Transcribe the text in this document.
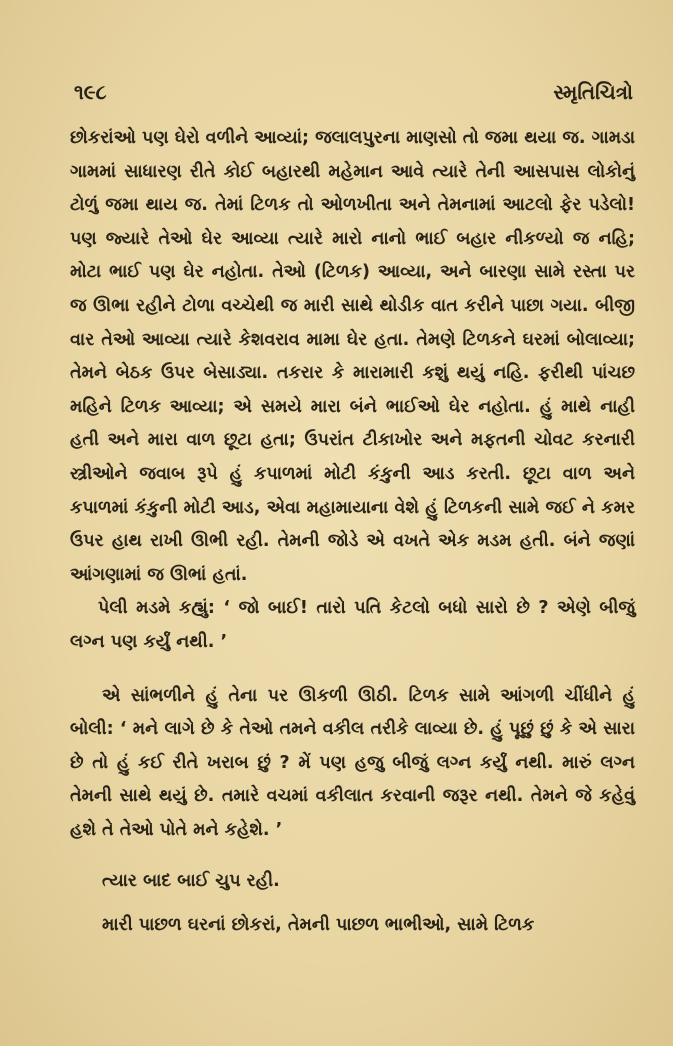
૧૯૮	સ્મૃતિચિત્રો

છોકરાંઓ પણ ઘેરો વળીને આવ્યાં; જલાલપુરના માણસો તો જમા થયા જ. ગામડા ગામમાં સાધારણ રીતે કોઈ બહારથી મહેમાન આવે ત્યારે તેની આસપાસ લોકોનું ટોળું જમા થાય જ. તેમાં ટિળક તો ઓળખીતા અને તેમનામાં આટલો ફેર પડેલો! પણ જ્યારે તેઓ ઘેર આવ્યા ત્યારે મારો નાનો ભાઈ બહાર નીકળ્યો જ નહિ; મોટા ભાઈ પણ ઘેર નહોતા. તેઓ (ટિળક) આવ્યા, અને બારણા સામે રસ્તા પર જ ઊભા રહીને ટોળા વચ્ચેથી જ મારી સાથે થોડીક વાત કરીને પાછા ગયા. બીજી વાર તેઓ આવ્યા ત્યારે કેશવરાવ મામા ઘેર હતા. તેમણે ટિળકને ઘરમાં બોલાવ્યા; તેમને બેઠક ઉપર બેસાડ્યા. તકરાર કે મારામારી કશું થયું નહિ. ફરીથી પાંચછ મહિને ટિળક આવ્યા; એ સમયે મારા બંને ભાઈઓ ઘેર નહોતા. હું માથે નાહી હતી અને મારા વાળ છૂટા હતા; ઉપરાંત ટીકાખોર અને મફતની ચોવટ કરનારી સ્ત્રીઓને જવાબ રૂપે હું કપાળમાં મોટી કંકુની આડ કરતી. છૂટા વાળ અને કપાળમાં કંકુની મોટી આડ, એવા મહામાયાના વેશે હું ટિળકની સામે જઈ ને કમર ઉપર હાથ રાખી ઊભી રહી. તેમની જોડે એ વખતે એક મડમ હતી. બંને જણાં આંગણામાં જ ઊભાં હતાં.

પેલી મડમે કહ્યું: ‘ જો બાઈ! તારો પતિ કેટલો બધો સારો છે ? એણે બીજું લગ્ન પણ કર્યું નથી. ’

એ સાંભળીને હું તેના પર ઊકળી ઊઠી. ટિળક સામે આંગળી ચીંધીને હું બોલી: ‘ મને લાગે છે કે તેઓ તમને વકીલ તરીકે લાવ્યા છે. હું પૂછું છું કે એ સારા છે તો હું કઈ રીતે ખરાબ છું ? મેં પણ હજુ બીજું લગ્ન કર્યું નથી. મારું લગ્ન તેમની સાથે થયું છે. તમારે વચમાં વકીલાત કરવાની જરૂર નથી. તેમને જે કહેવું હશે તે તેઓ પોતે મને કહેશે. ’

ત્યાર બાદ બાઈ ચુપ રહી.

મારી પાછળ ઘરનાં છોકરાં, તેમની પાછળ ભાભીઓ, સામે ટિળક
